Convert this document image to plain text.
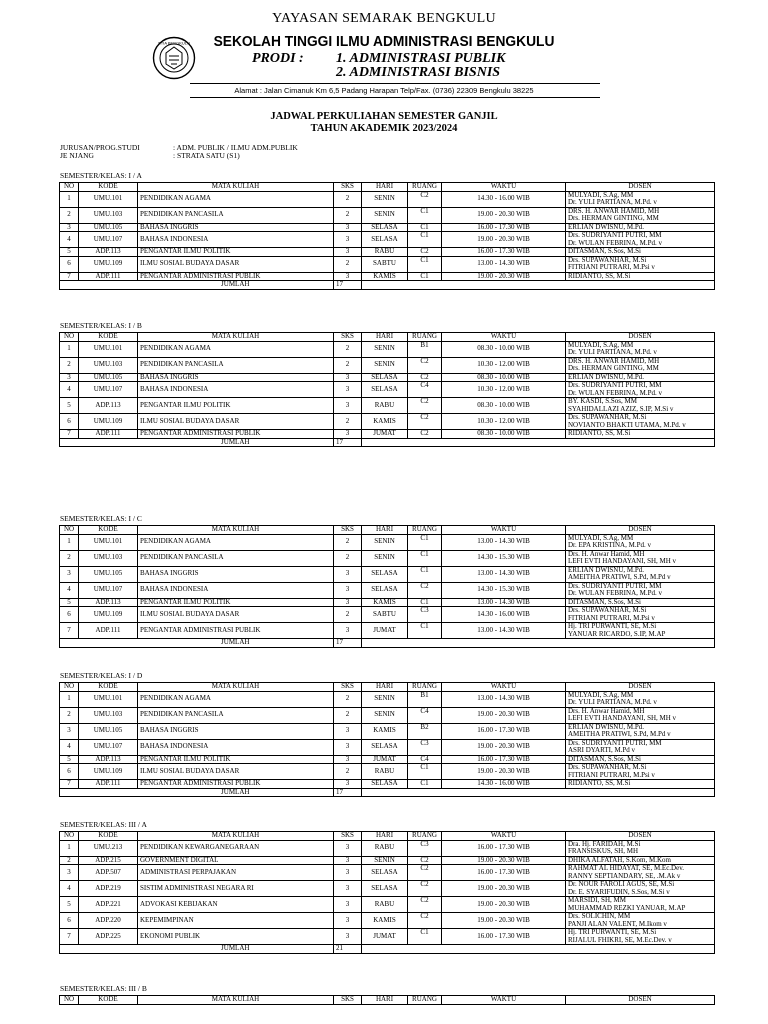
STIA BENGKULU
YAYASAN SEMARAK BENGKULU
SEKOLAH TINGGI ILMU ADMINISTRASI BENGKULU
PRODI : 1. ADMINISTRASI PUBLIK
2. ADMINISTRASI BISNIS
Alamat : Jalan Cimanuk Km 6,5 Padang Harapan Telp/Fax. (0736) 22309 Bengkulu 38225
JADWAL PERKULIAHAN SEMESTER GANJIL
TAHUN AKADEMIK 2023/2024
JURUSAN/PROG.STUDI	: ADM. PUBLIK / ILMU ADM.PUBLIK
JE NJANG	: STRATA SATU (S1)
SEMESTER/KELAS: I / A
NO	KODE	MATA KULIAH	SKS	HARI	RUANG	WAKTU	DOSEN
1	UMU.101	PENDIDIKAN AGAMA	2	SENIN	C2	14.30 - 16.00 WIB	MULYADI, S.Ag, MM
Dr. YULI PARTIANA, M.Pd. v

2	UMU.103	PENDIDIKAN PANCASILA	2	SENIN	C1	19.00 - 20.30 WIB	DRS. H. ANWAR HAMID, MH
Drs. HERMAN GINTING, MM

3	UMU.105	BAHASA INGGRIS	3	SELASA	C1	16.00 - 17.30 WIB	ERLIAN DWISNU, M.Pd.

4	UMU.107	BAHASA INDONESIA	3	SELASA	C1	19.00 - 20.30 WIB	Drs. SUDRIYANTI PUTRI, MM
Dr. WULAN FEBRINA, M.Pd. v

5	ADP.113	PENGANTAR ILMU POLITIK	3	RABU	C2	16.00 - 17.30 WIB	DITASMAN, S.Sos, M.Si

6	UMU.109	ILMU SOSIAL BUDAYA DASAR	2	SABTU	C1	13.00 - 14.30 WIB	Drs. SUPAWANHAR, M.Si
FITRIANI PUTRARI, M.Psi v

7	ADP.111	PENGANTAR ADMINISTRASI PUBLIK	3	KAMIS	C1	19.00 - 20.30 WIB	RIDIANTO, SS, M.Si

		JUMLAH	17				
SEMESTER/KELAS: I / B
NO	KODE	MATA KULIAH	SKS	HARI	RUANG	WAKTU	DOSEN
1	UMU.101	PENDIDIKAN AGAMA	2	SENIN	B1	08.30 - 10.00 WIB	MULYADI, S.Ag, MM
Dr. YULI PARTIANA, M.Pd. v

2	UMU.103	PENDIDIKAN PANCASILA	2	SENIN	C2	10.30 - 12.00 WIB	DRS. H. ANWAR HAMID, MH
Drs. HERMAN GINTING, MM

3	UMU.105	BAHASA INGGRIS	3	SELASA	C2	08.30 - 10.00 WIB	ERLIAN DWISNU, M.Pd.

4	UMU.107	BAHASA INDONESIA	3	SELASA	C4	10.30 - 12.00 WIB	Drs. SUDRIYANTI PUTRI, MM
Dr. WULAN FEBRINA, M.Pd. v

5	ADP.113	PENGANTAR ILMU POLITIK	3	RABU	C2	08.30 - 10.00 WIB	BY. KASDI, S.Sos, MM
SYAHIDALLAZI AZIZ, S.IP, M.Si v

6	UMU.109	ILMU SOSIAL BUDAYA DASAR	2	KAMIS	C2	10.30 - 12.00 WIB	Drs. SUPAWANHAR, M.Si
NOVIANTO BHAKTI UTAMA, M.Pd. v

7	ADP.111	PENGANTAR ADMINISTRASI PUBLIK	3	JUMAT	C2	08.30 - 10.00 WIB	RIDIANTO, SS, M.Si

		JUMLAH	17				
SEMESTER/KELAS: I / C
NO	KODE	MATA KULIAH	SKS	HARI	RUANG	WAKTU	DOSEN
1	UMU.101	PENDIDIKAN AGAMA	2	SENIN	C1	13.00 - 14.30 WIB	MULYADI, S.Ag, MM
Dr. EPA KRISTINA, M.Pd. v

2	UMU.103	PENDIDIKAN PANCASILA	2	SENIN	C1	14.30 - 15.30 WIB	Drs. H. Anwar Hamid, MH
LEFI EVTI HANDAYANI, SH, MH v

3	UMU.105	BAHASA INGGRIS	3	SELASA	C1	13.00 - 14.30 WIB	ERLIAN DWISNU, M.Pd.
AMEITHA PRATIWI, S.Pd, M.Pd v

4	UMU.107	BAHASA INDONESIA	3	SELASA	C2	14.30 - 15.30 WIB	Drs. SUDRIYANTI PUTRI, MM
Dr. WULAN FEBRINA, M.Pd. v

5	ADP.113	PENGANTAR ILMU POLITIK	3	KAMIS	C1	13.00 - 14.30 WIB	DITASMAN, S.Sos, M.Si

6	UMU.109	ILMU SOSIAL BUDAYA DASAR	2	SABTU	C3	14.30 - 16.00 WIB	Drs. SUPAWANHAR, M.Si
FITRIANI PUTRARI, M.Psi v

7	ADP.111	PENGANTAR ADMINISTRASI PUBLIK	3	JUMAT	C1	13.00 - 14.30 WIB	Hj. TRI PURWANTI, SE, M.Si
YANUAR RICARDO, S.IP, M.AP

		JUMLAH	17				
SEMESTER/KELAS: I / D
NO	KODE	MATA KULIAH	SKS	HARI	RUANG	WAKTU	DOSEN
1	UMU.101	PENDIDIKAN AGAMA	2	SENIN	B1	13.00 - 14.30 WIB	MULYADI, S.Ag, MM
Dr. YULI PARTIANA, M.Pd. v

2	UMU.103	PENDIDIKAN PANCASILA	2	SENIN	C4	19.00 - 20.30 WIB	Drs. H. Anwar Hamid, MH
LEFI EVTI HANDAYANI, SH, MH v

3	UMU.105	BAHASA INGGRIS	3	KAMIS	B2	16.00 - 17.30 WIB	ERLIAN DWISNU, M.Pd.
AMEITHA PRATIWI, S.Pd, M.Pd v

4	UMU.107	BAHASA INDONESIA	3	SELASA	C3	19.00 - 20.30 WIB	Drs. SUDRIYANTI PUTRI, MM
ASRI DYARTI, M.Pd v

5	ADP.113	PENGANTAR ILMU POLITIK	3	JUMAT	C4	16.00 - 17.30 WIB	DITASMAN, S.Sos, M.Si

6	UMU.109	ILMU SOSIAL BUDAYA DASAR	2	RABU	C1	19.00 - 20.30 WIB	Drs. SUPAWANHAR, M.Si
FITRIANI PUTRARI, M.Psi v

7	ADP.111	PENGANTAR ADMINISTRASI PUBLIK	3	SELASA	C1	14.30 - 16.00 WIB	RIDIANTO, SS, M.Si

		JUMLAH	17				
SEMESTER/KELAS: III / A
NO	KODE	MATA KULIAH	SKS	HARI	RUANG	WAKTU	DOSEN
1	UMU.213	PENDIDIKAN KEWARGANEGARAAN	3	RABU	C3	16.00 - 17.30 WIB	Dra. Hj. FARIDAH, M.Si
FRANSISKUS, SH, MH

2	ADP.215	GOVERNMENT DIGITAL	3	SENIN	C2	19.00 - 20.30 WIB	DHIKA ALFATAH, S.Kom, M.Kom

3	ADP.507	ADMINISTRASI PERPAJAKAN	3	SELASA	C2	16.00 - 17.30 WIB	RAHMAT AL HIDAYAT, SE, M.Ec.Dev.
RANNY SEPTIANDARY, SE, .M.Ak v

4	ADP.219	SISTIM ADMINISTRASI NEGARA RI	3	SELASA	C2	19.00 - 20.30 WIB	Dr. NOUR FAROLI AGUS, SE, M.Si
Dr. E. SYARIFUDIN, S.Sos, M.Si v

5	ADP.221	ADVOKASI KEBIJAKAN	3	RABU	C2	19.00 - 20.30 WIB	MARSIDI, SH, MM
MUHAMMAD REZKI YANUAR, M.AP

6	ADP.220	KEPEMIMPINAN	3	KAMIS	C2	19.00 - 20.30 WIB	Drs. SOLICHIN, MM
PANJI ALAN VALENT, M.Ikom v

7	ADP.225	EKONOMI PUBLIK	3	JUMAT	C1	16.00 - 17.30 WIB	Hj. TRI PURWANTI, SE, M.Si
RIJALUL FHIKRI, SE, M.Ec.Dev. v

		JUMLAH	21				
SEMESTER/KELAS: III / B
NO	KODE	MATA KULIAH	SKS	HARI	RUANG	WAKTU	DOSEN
